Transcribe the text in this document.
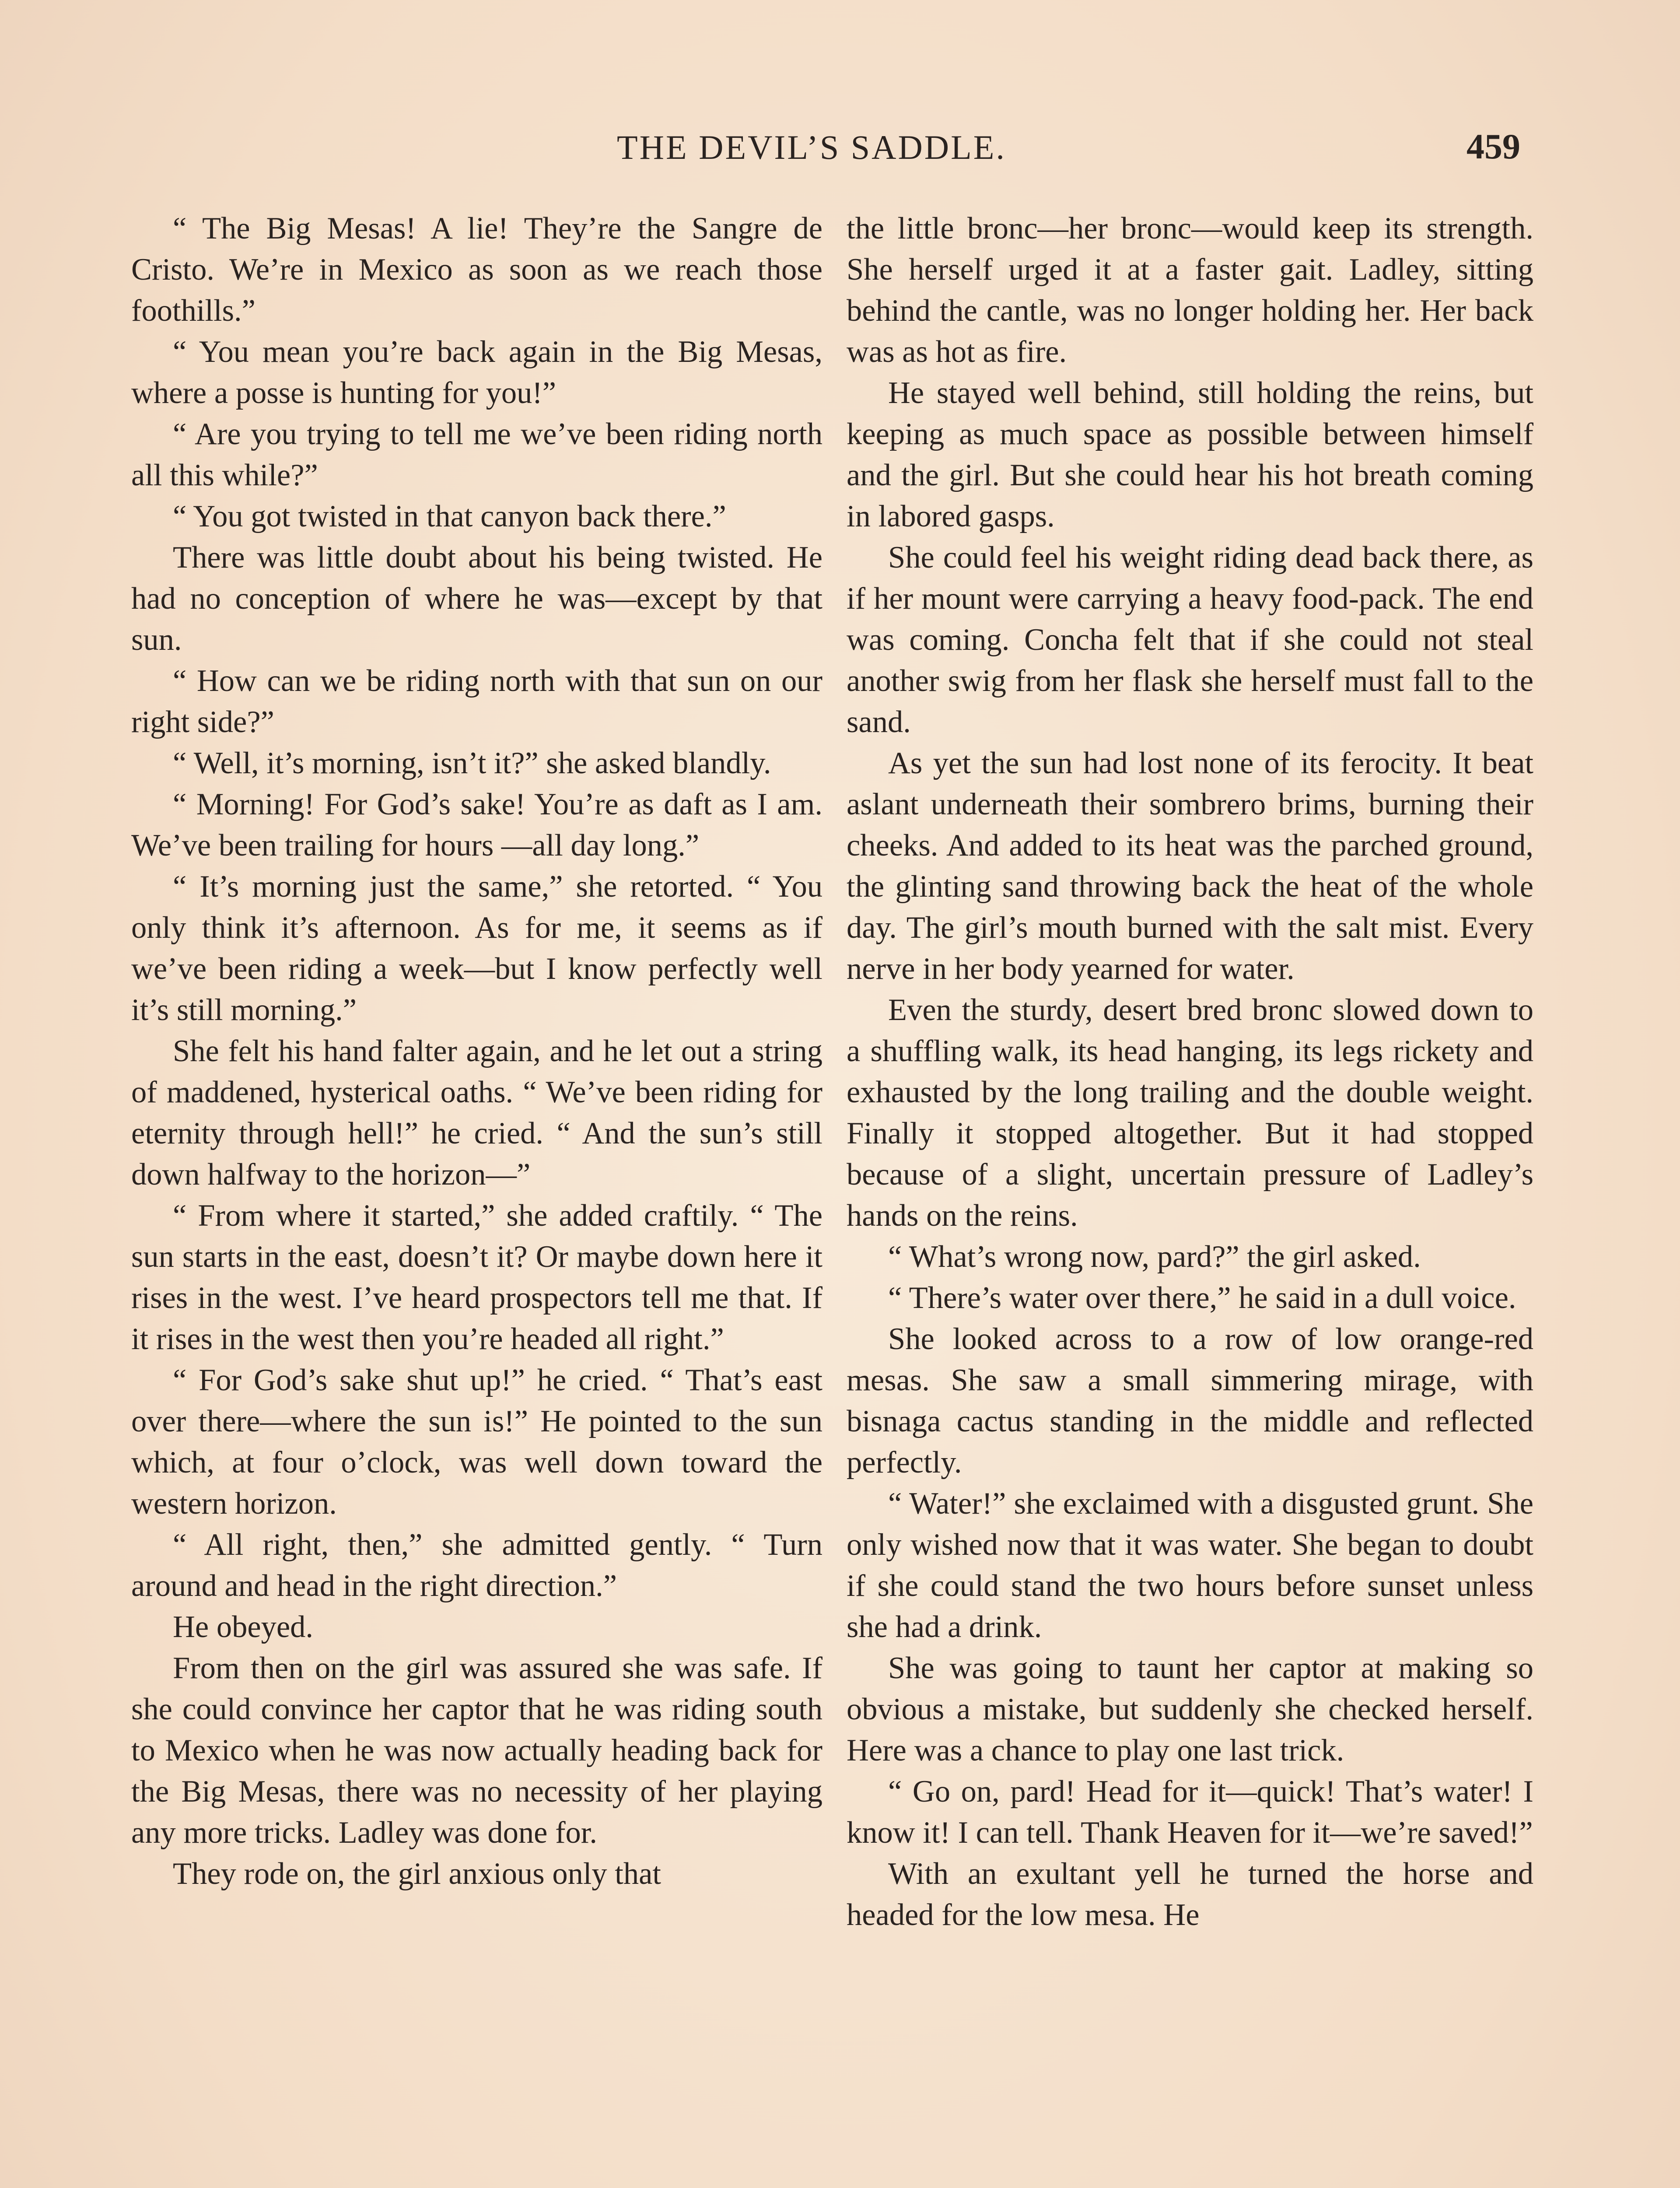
THE DEVIL’S SADDLE.	459

“ The Big Mesas! A lie! They’re the Sangre de Cristo. We’re in Mexico as soon as we reach those foothills.”

“ You mean you’re back again in the Big Mesas, where a posse is hunting for you!”

“ Are you trying to tell me we’ve been riding north all this while?”

“ You got twisted in that canyon back there.”

There was little doubt about his being twisted. He had no conception of where he was—except by that sun.

“ How can we be riding north with that sun on our right side?”

“ Well, it’s morning, isn’t it?” she asked blandly.

“ Morning! For God’s sake! You’re as daft as I am. We’ve been trailing for hours —all day long.”

“ It’s morning just the same,” she retorted. “ You only think it’s afternoon. As for me, it seems as if we’ve been riding a week—but I know perfectly well it’s still morning.”

She felt his hand falter again, and he let out a string of maddened, hysterical oaths. “ We’ve been riding for eternity through hell!” he cried. “ And the sun’s still down halfway to the horizon—”

“ From where it started,” she added craftily. “ The sun starts in the east, doesn’t it? Or maybe down here it rises in the west. I’ve heard prospectors tell me that. If it rises in the west then you’re headed all right.”

“ For God’s sake shut up!” he cried. “ That’s east over there—where the sun is!” He pointed to the sun which, at four o’clock, was well down toward the western horizon.

“ All right, then,” she admitted gently. “ Turn around and head in the right direction.”

He obeyed.

From then on the girl was assured she was safe. If she could convince her captor that he was riding south to Mexico when he was now actually heading back for the Big Mesas, there was no necessity of her playing any more tricks. Ladley was done for.

They rode on, the girl anxious only that

the little bronc—her bronc—would keep its strength. She herself urged it at a faster gait. Ladley, sitting behind the cantle, was no longer holding her. Her back was as hot as fire.

He stayed well behind, still holding the reins, but keeping as much space as possible between himself and the girl. But she could hear his hot breath coming in labored gasps.

She could feel his weight riding dead back there, as if her mount were carrying a heavy food-pack. The end was coming. Concha felt that if she could not steal another swig from her flask she herself must fall to the sand.

As yet the sun had lost none of its ferocity. It beat aslant underneath their sombrero brims, burning their cheeks. And added to its heat was the parched ground, the glinting sand throwing back the heat of the whole day. The girl’s mouth burned with the salt mist. Every nerve in her body yearned for water.

Even the sturdy, desert bred bronc slowed down to a shuffling walk, its head hanging, its legs rickety and exhausted by the long trailing and the double weight. Finally it stopped altogether. But it had stopped because of a slight, uncertain pressure of Ladley’s hands on the reins.

“ What’s wrong now, pard?” the girl asked.

“ There’s water over there,” he said in a dull voice.

She looked across to a row of low orange-red mesas. She saw a small simmering mirage, with bisnaga cactus standing in the middle and reflected perfectly.

“ Water!” she exclaimed with a disgusted grunt. She only wished now that it was water. She began to doubt if she could stand the two hours before sunset unless she had a drink.

She was going to taunt her captor at making so obvious a mistake, but suddenly she checked herself. Here was a chance to play one last trick.

“ Go on, pard! Head for it—quick! That’s water! I know it! I can tell. Thank Heaven for it—we’re saved!”

With an exultant yell he turned the horse and headed for the low mesa. He
